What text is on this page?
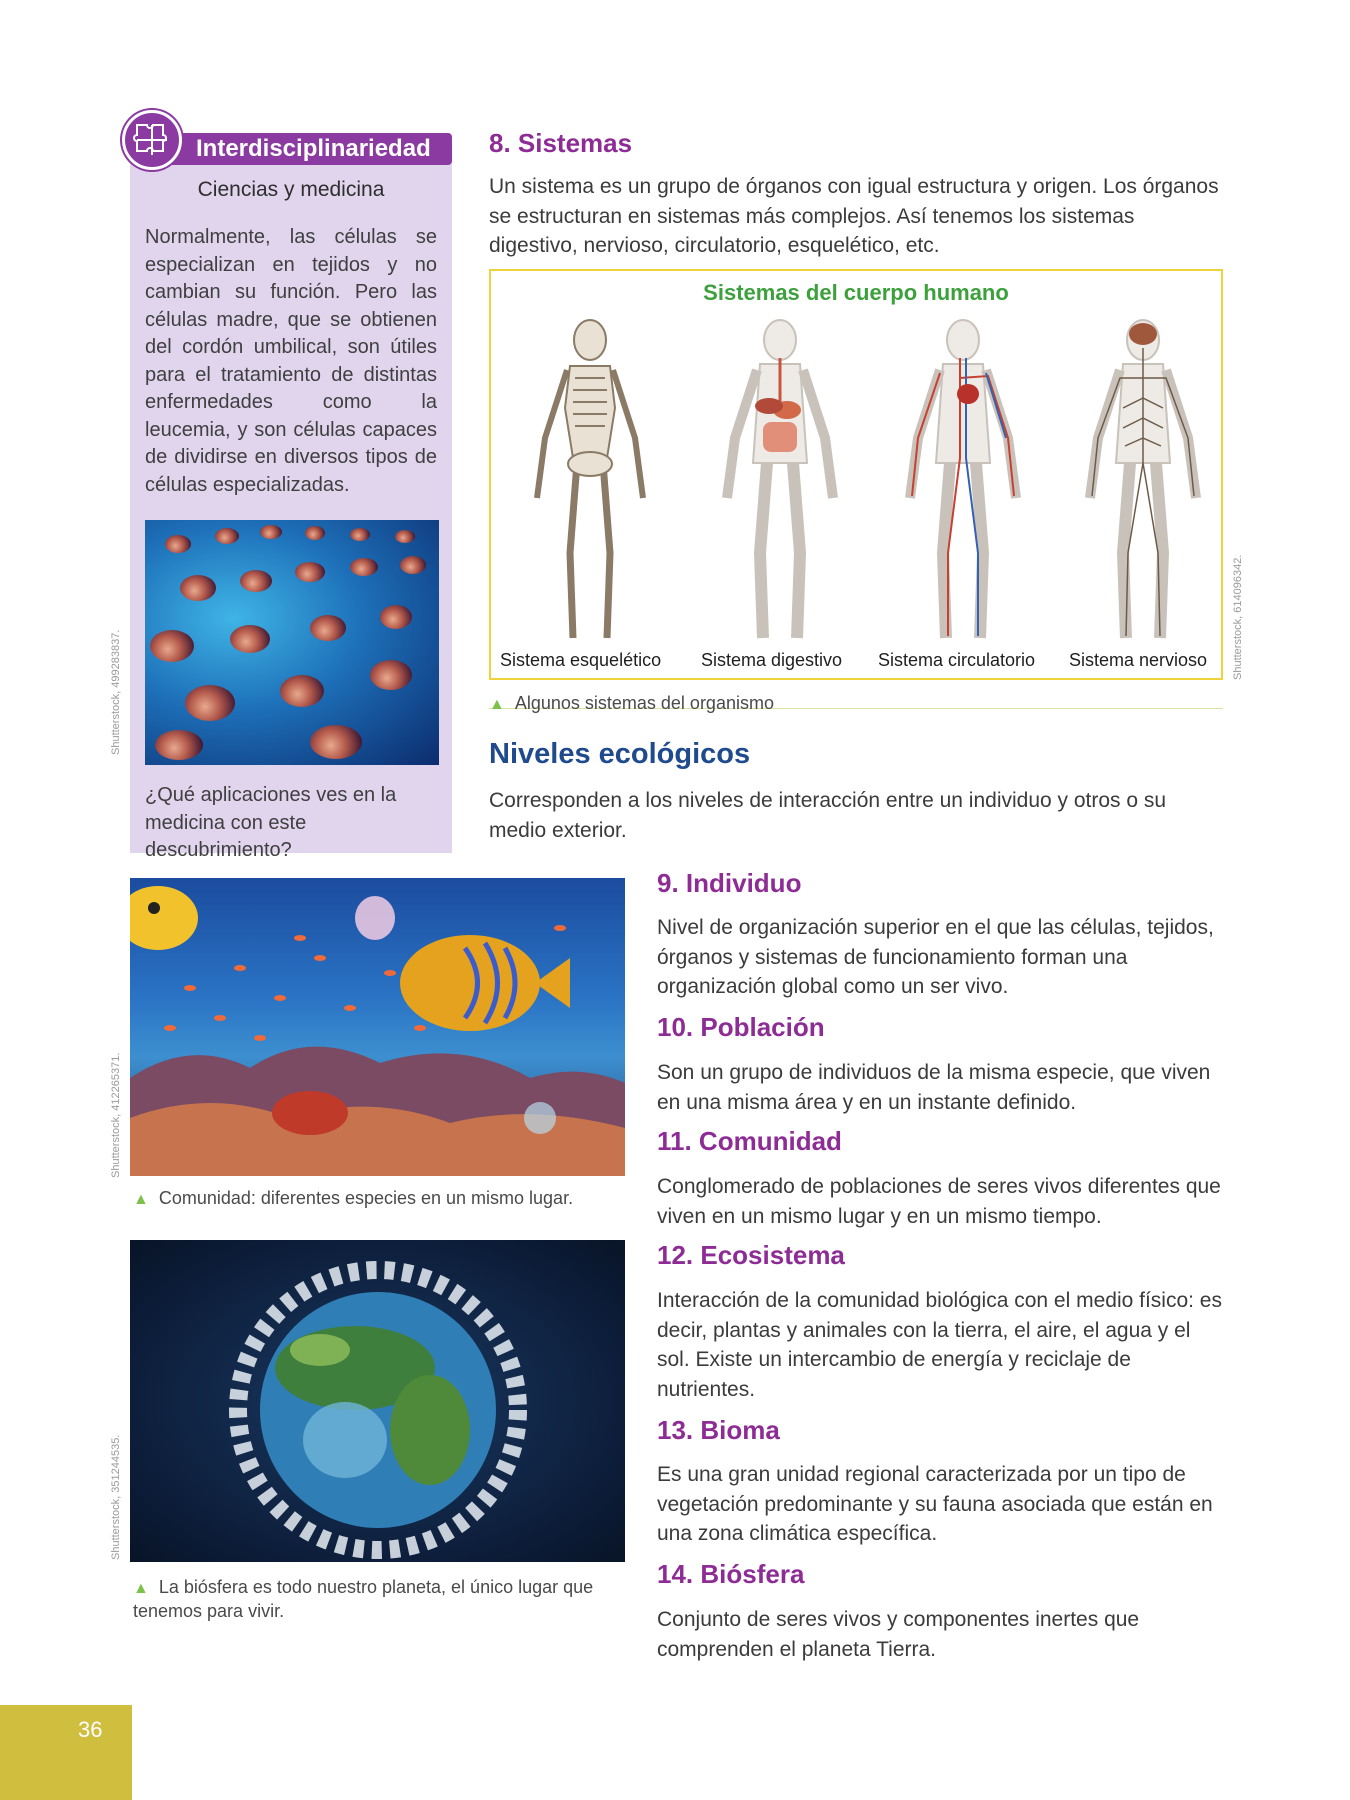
Interdisciplinariedad
Ciencias y medicina
Normalmente, las células se especializan en tejidos y no cambian su función. Pero las células madre, que se obtienen del cordón umbilical, son útiles para el tratamiento de distintas enfermedades como la leucemia, y son células capaces de dividirse en diversos tipos de células especializadas.
¿Qué aplicaciones ves en la medicina con este descubrimiento?
Shutterstock, 499283837.
8. Sistemas
Un sistema es un grupo de órganos con igual estructura y origen. Los órganos se estructuran en sistemas más complejos. Así tenemos los sistemas digestivo, nervioso, circulatorio, esquelético, etc.
Sistemas del cuerpo humano
Sistema esquelético Sistema digestivo Sistema circulatorio Sistema nervioso Shutterstock, 614096342.
▲ Algunos sistemas del organismo
Niveles ecológicos
Corresponden a los niveles de interacción entre un individuo y otros o su medio exterior.
9. Individuo
Nivel de organización superior en el que las células, tejidos, órganos y sistemas de funcionamiento forman una organización global como un ser vivo.
10. Población
Son un grupo de individuos de la misma especie, que viven en una misma área y en un instante definido.
11. Comunidad
Conglomerado de poblaciones de seres vivos diferentes que viven en un mismo lugar y en un mismo tiempo.
12. Ecosistema
Interacción de la comunidad biológica con el medio físico: es decir, plantas y animales con la tierra, el aire, el agua y el sol. Existe un intercambio de energía y reciclaje de nutrientes.
13. Bioma
Es una gran unidad regional caracterizada por un tipo de vegetación predominante y su fauna asociada que están en una zona climática específica.
14. Biósfera
Conjunto de seres vivos y componentes inertes que comprenden el planeta Tierra.
Shutterstock, 412265371.
▲ Comunidad: diferentes especies en un mismo lugar.
Shutterstock, 351244535.
▲ La biósfera es todo nuestro planeta, el único lugar que tenemos para vivir.
36
